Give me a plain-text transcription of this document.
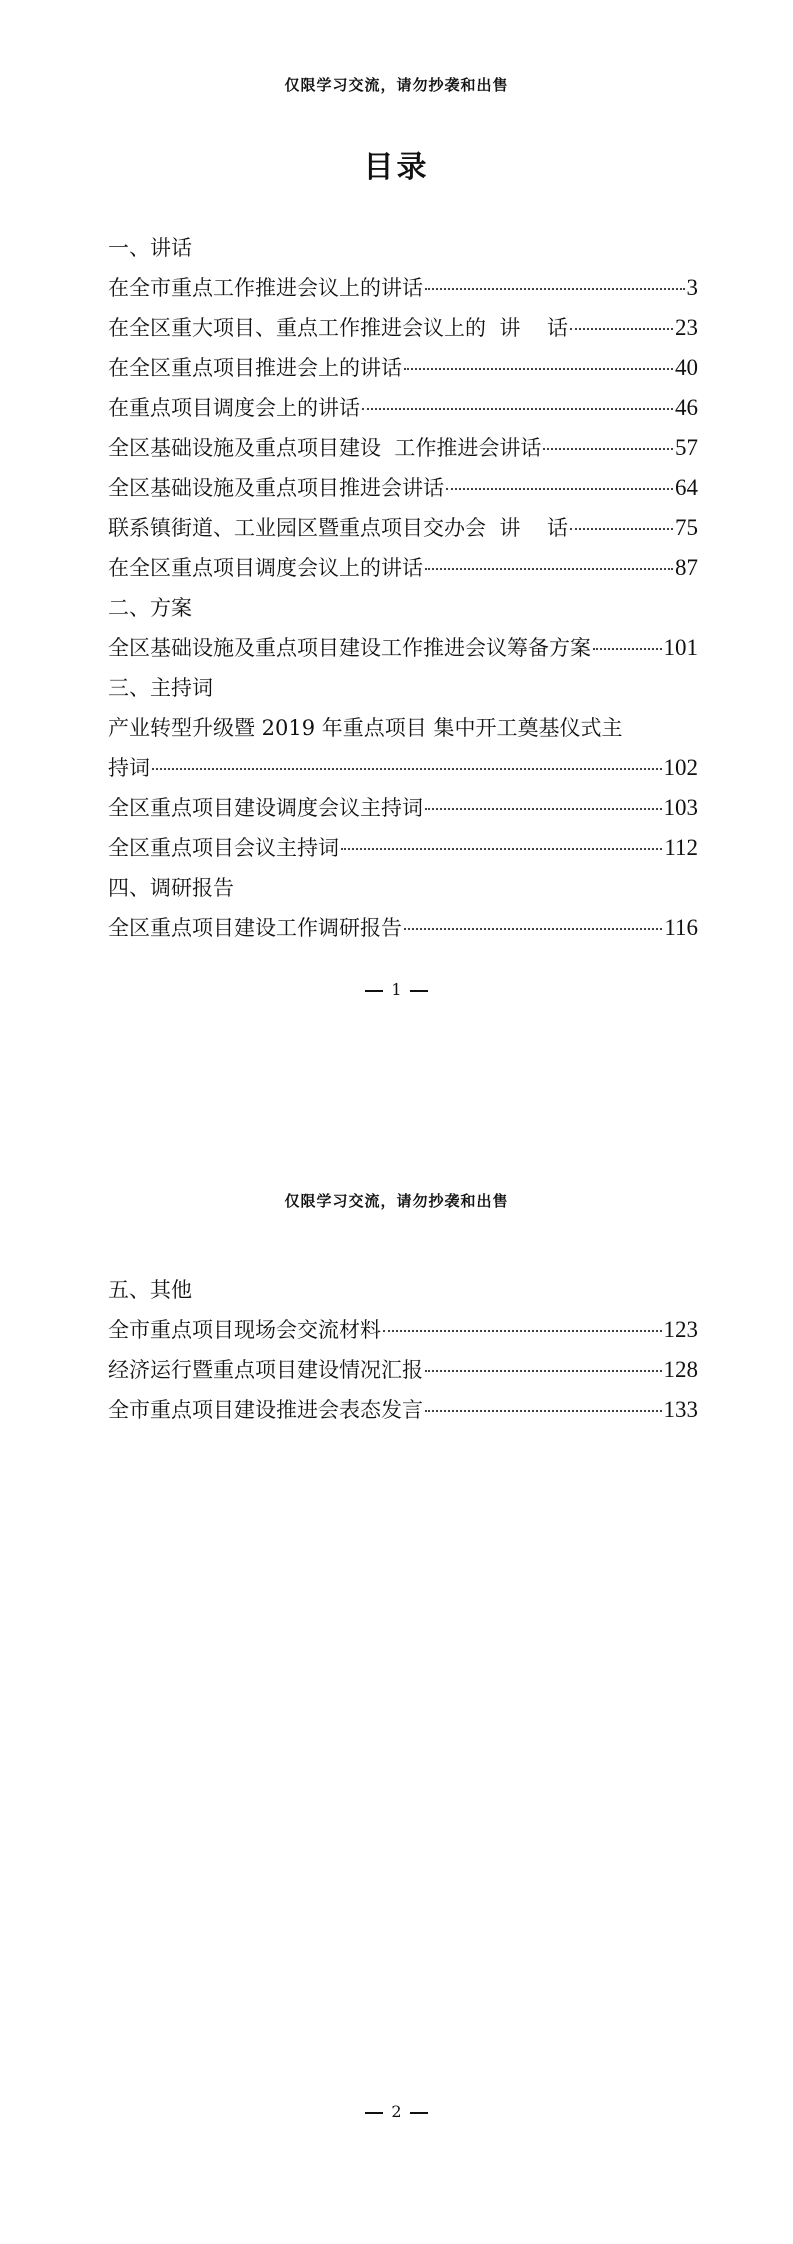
仅限学习交流，请勿抄袭和出售
目录
一、讲话
在全市重点工作推进会议上的讲话	3
在全区重大项目、重点工作推进会议上的  讲    话	23
在全区重点项目推进会上的讲话	40
在重点项目调度会上的讲话	46
全区基础设施及重点项目建设  工作推进会讲话	57
全区基础设施及重点项目推进会讲话	64
联系镇街道、工业园区暨重点项目交办会  讲    话	75
在全区重点项目调度会议上的讲话	87
二、方案
全区基础设施及重点项目建设工作推进会议筹备方案	101
三、主持词
产业转型升级暨 2019 年重点项目 集中开工奠基仪式主
持词	102
全区重点项目建设调度会议主持词	103
全区重点项目会议主持词	112
四、调研报告
全区重点项目建设工作调研报告	116
1
仅限学习交流，请勿抄袭和出售
五、其他
全市重点项目现场会交流材料	123
经济运行暨重点项目建设情况汇报	128
全市重点项目建设推进会表态发言	133
2
